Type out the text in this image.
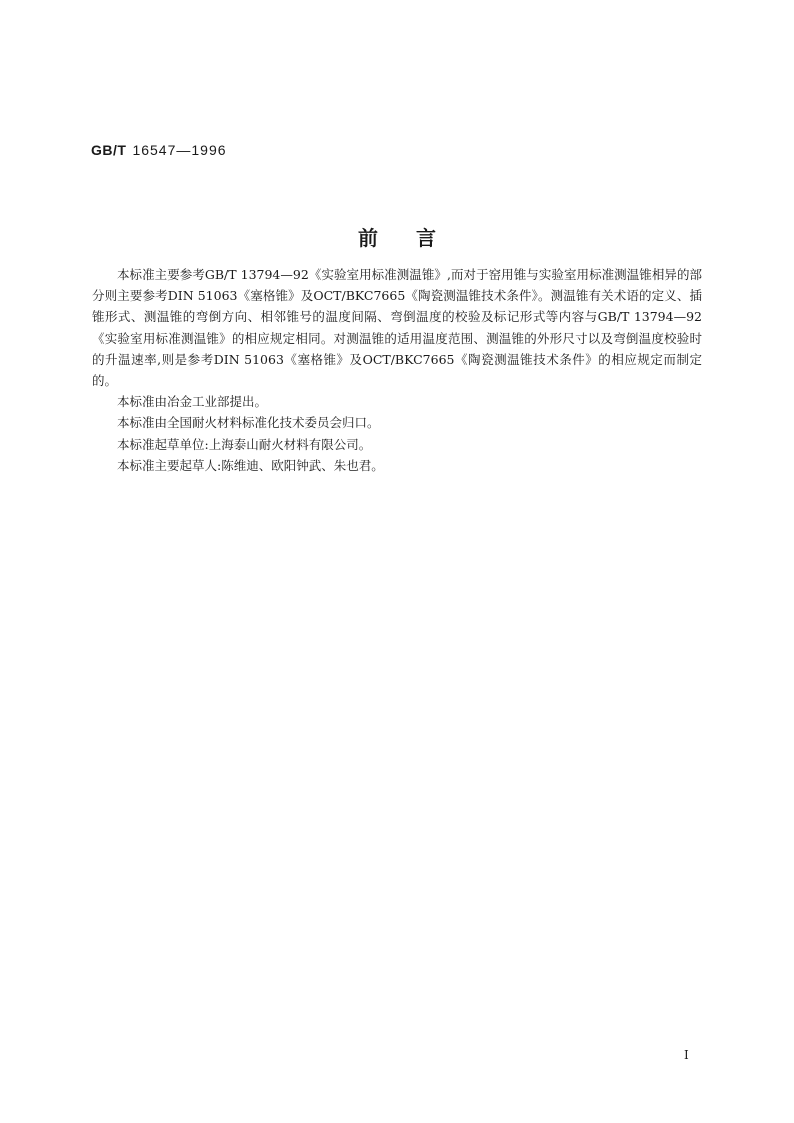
GB/T 16547—1996
前言

本标准主要参考GB/T 13794—92《实验室用标准测温锥》,而对于窑用锥与实验室用标准测温锥相异的部分则主要参考DIN 51063《塞格锥》及OCT/BKC7665《陶瓷测温锥技术条件》。测温锥有关术语的定义、插锥形式、测温锥的弯倒方向、相邻锥号的温度间隔、弯倒温度的校验及标记形式等内容与GB/T 13794—92《实验室用标准测温锥》的相应规定相同。对测温锥的适用温度范围、测温锥的外形尺寸以及弯倒温度校验时的升温速率,则是参考DIN 51063《塞格锥》及OCT/BKC7665《陶瓷测温锥技术条件》的相应规定而制定的。

本标准由冶金工业部提出。

本标准由全国耐火材料标准化技术委员会归口。

本标准起草单位:上海泰山耐火材料有限公司。

本标准主要起草人:陈维迪、欧阳钟武、朱也君。

I
